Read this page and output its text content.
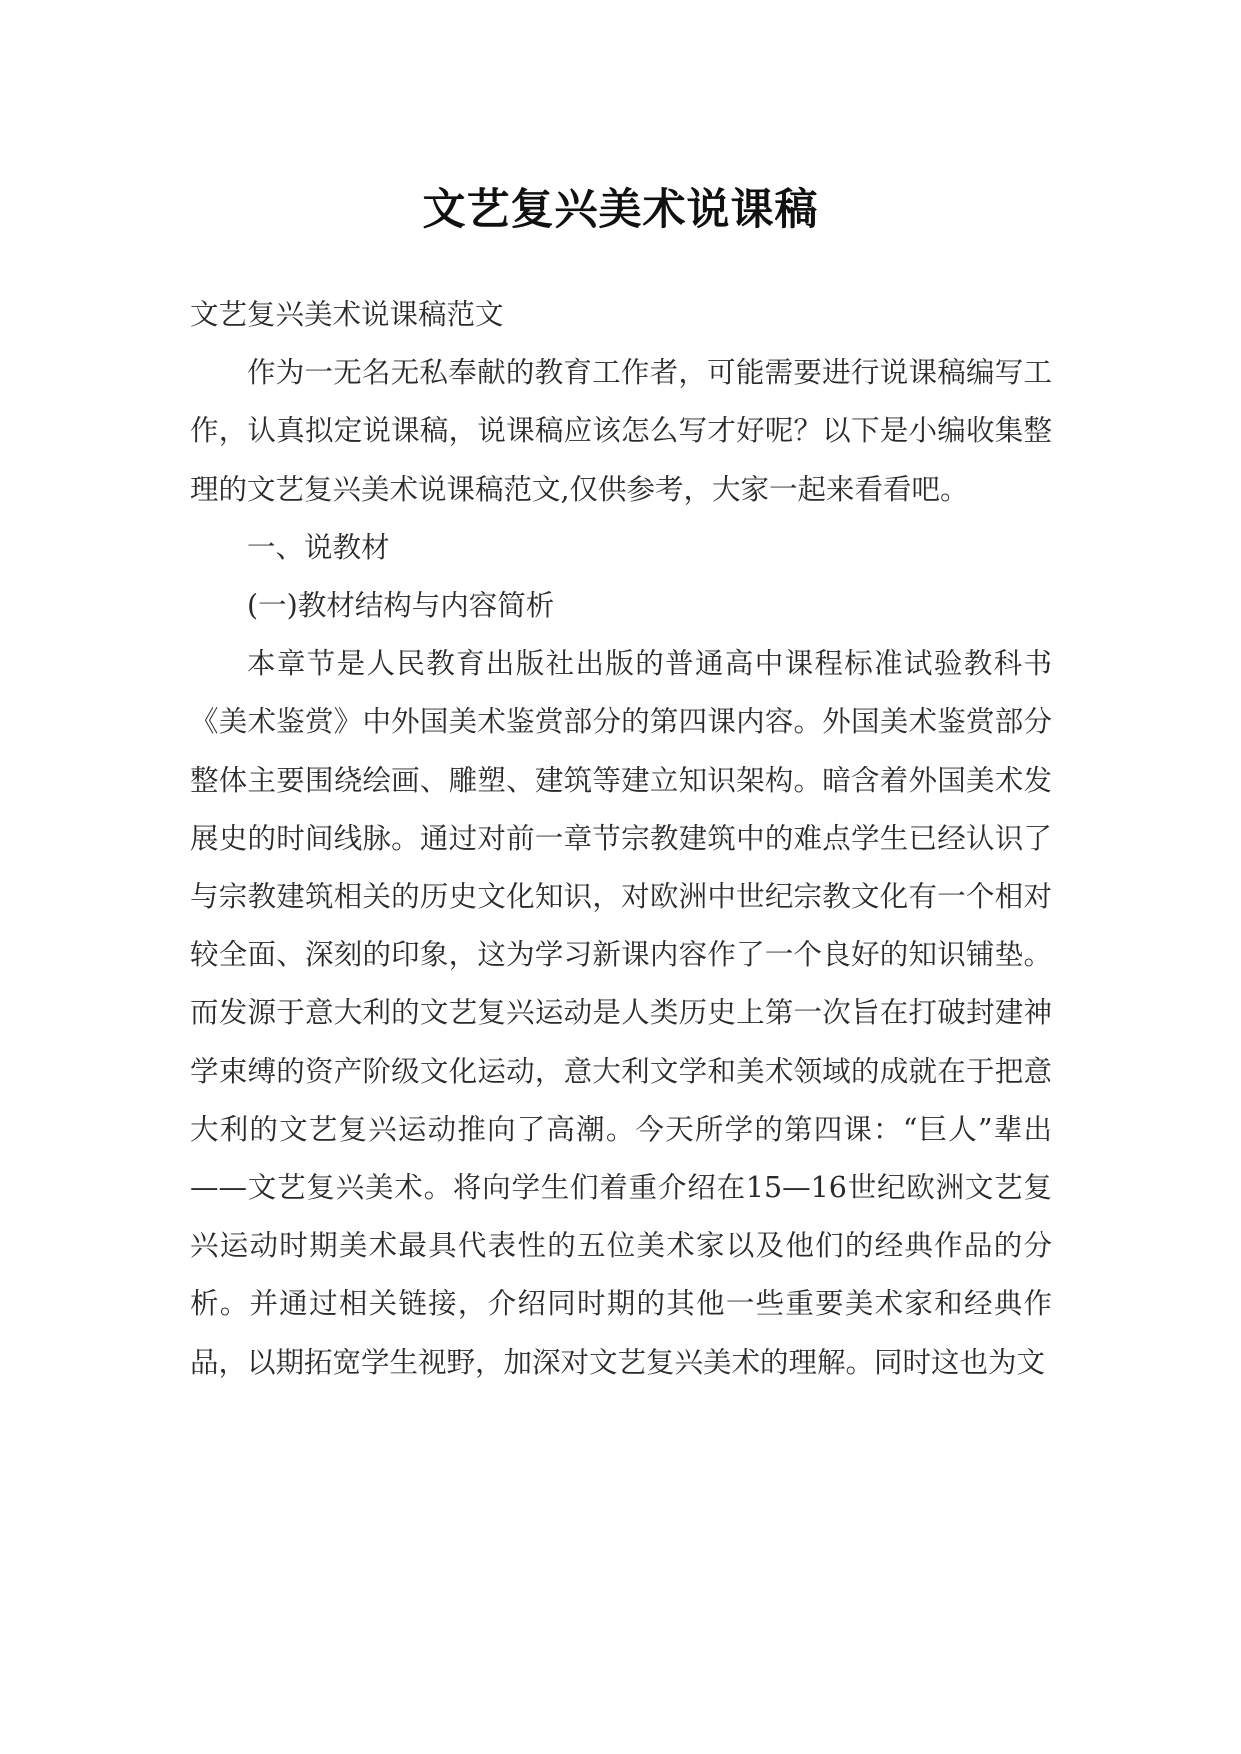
文艺复兴美术说课稿

文艺复兴美术说课稿范文

作为一无名无私奉献的教育工作者，可能需要进行说课稿编写工作，认真拟定说课稿，说课稿应该怎么写才好呢？以下是小编收集整理的文艺复兴美术说课稿范文,仅供参考，大家一起来看看吧。

一、说教材

(一)教材结构与内容简析

本章节是人民教育出版社出版的普通高中课程标准试验教科书《美术鉴赏》中外国美术鉴赏部分的第四课内容。外国美术鉴赏部分整体主要围绕绘画、雕塑、建筑等建立知识架构。暗含着外国美术发展史的时间线脉。通过对前一章节宗教建筑中的难点学生已经认识了与宗教建筑相关的历史文化知识，对欧洲中世纪宗教文化有一个相对较全面、深刻的印象，这为学习新课内容作了一个良好的知识铺垫。而发源于意大利的文艺复兴运动是人类历史上第一次旨在打破封建神学束缚的资产阶级文化运动，意大利文学和美术领域的成就在于把意大利的文艺复兴运动推向了高潮。今天所学的第四课：“巨人”辈出——文艺复兴美术。将向学生们着重介绍在15—16世纪欧洲文艺复兴运动时期美术最具代表性的五位美术家以及他们的经典作品的分析。并通过相关链接，介绍同时期的其他一些重要美术家和经典作品，以期拓宽学生视野，加深对文艺复兴美术的理解。同时这也为文
